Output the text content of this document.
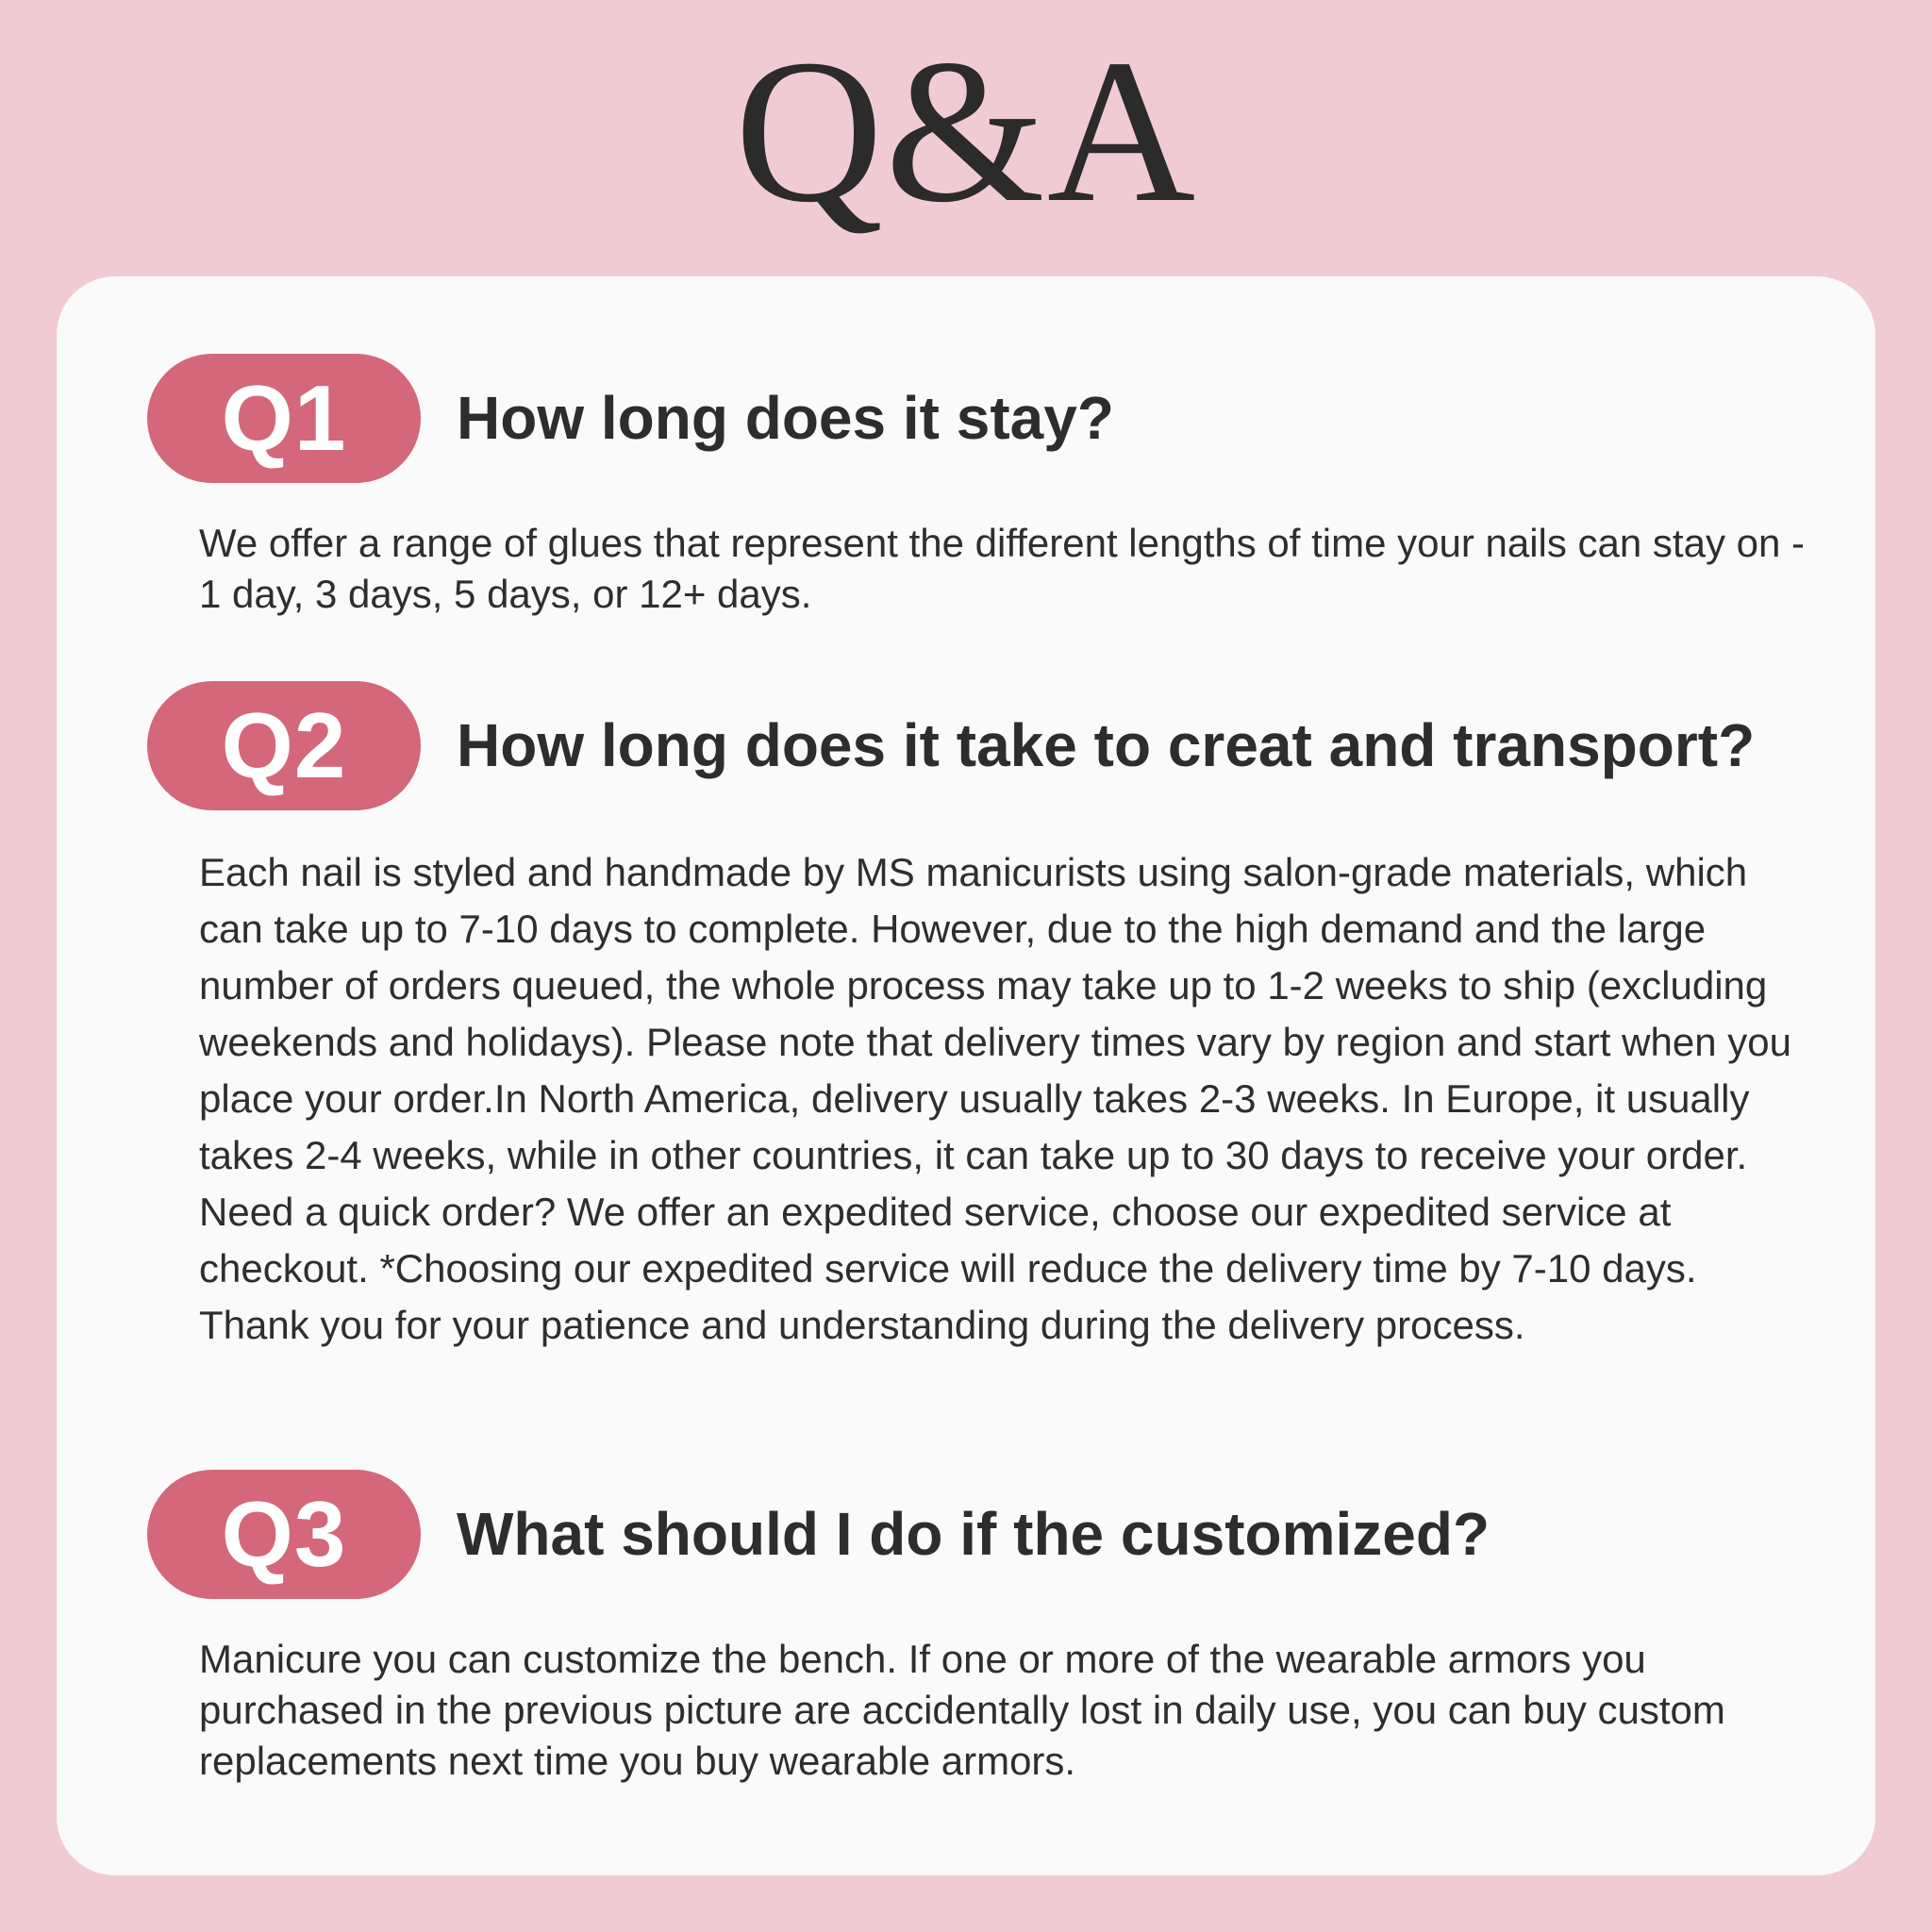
Q&A
Q1	How long does it stay?
We offer a range of glues that represent the different lengths of time your nails can stay on - 1 day, 3 days, 5 days, or 12+ days.
Q2	How long does it take to creat and transport?
Each nail is styled and handmade by MS manicurists using salon-grade materials, which can take up to 7-10 days to complete. However, due to the high demand and the large number of orders queued, the whole process may take up to 1-2 weeks to ship (excluding weekends and holidays). Please note that delivery times vary by region and start when you place your order.In North America, delivery usually takes 2-3 weeks. In Europe, it usually takes 2-4 weeks, while in other countries, it can take up to 30 days to receive your order.
Need a quick order? We offer an expedited service, choose our expedited service at checkout. *Choosing our expedited service will reduce the delivery time by 7-10 days. Thank you for your patience and understanding during the delivery process.
Q3	What should I do if the customized?
Manicure you can customize the bench. If one or more of the wearable armors you purchased in the previous picture are accidentally lost in daily use, you can buy custom replacements next time you buy wearable armors.
